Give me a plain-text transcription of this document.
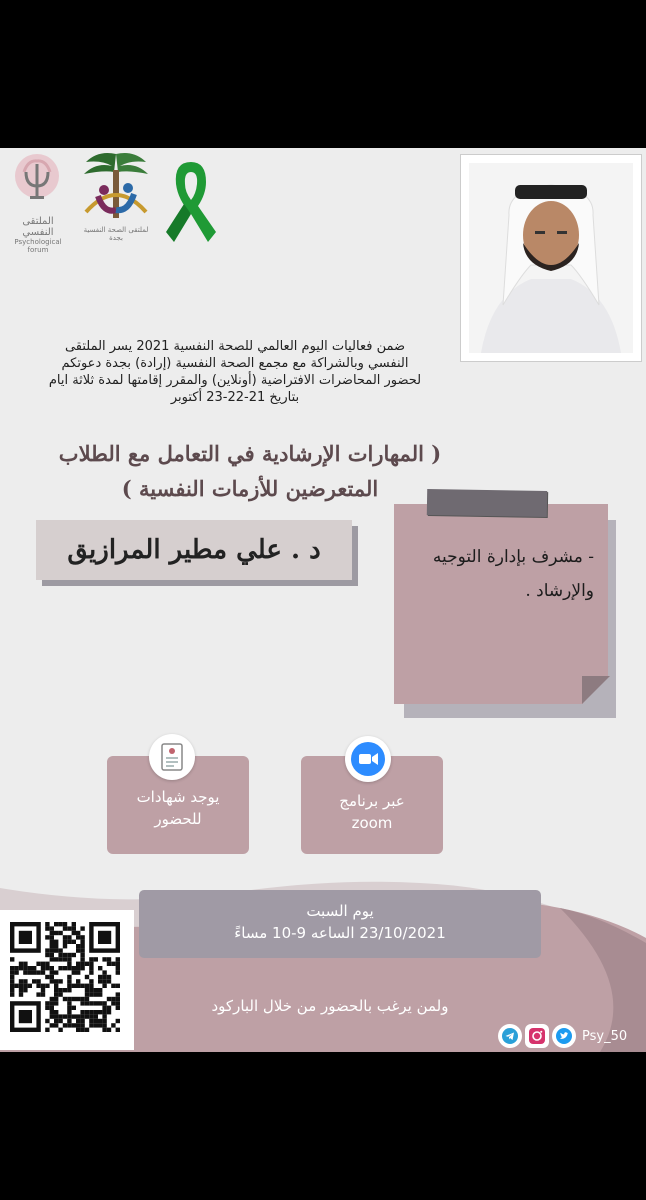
الملتقى النفسي
Psychological forum
لملتقى الصحة النفسية بجدة
ضمن فعاليات اليوم العالمي للصحة النفسية 2021 يسر الملتقى
النفسي وبالشراكة مع مجمع الصحة النفسية (إرادة) بجدة دعوتكم
لحضور المحاضرات الافتراضية (أونلاين) والمقرر إقامتها لمدة ثلاثة ايام
بتاريخ 21-22-23 أكتوبر
( المهارات الإرشادية في التعامل مع الطلاب
المتعرضين للأزمات النفسية )
د . علي مطير المرازيق	- مشرف بإدارة التوجيه
والإرشاد .
يوجد شهادات
للحضور
عبر برنامج
zoom
يوم السبت
23/10/2021 الساعه 9-10 مساءً
ولمن يرغب بالحضور من خلال الباركود
Psy_50
